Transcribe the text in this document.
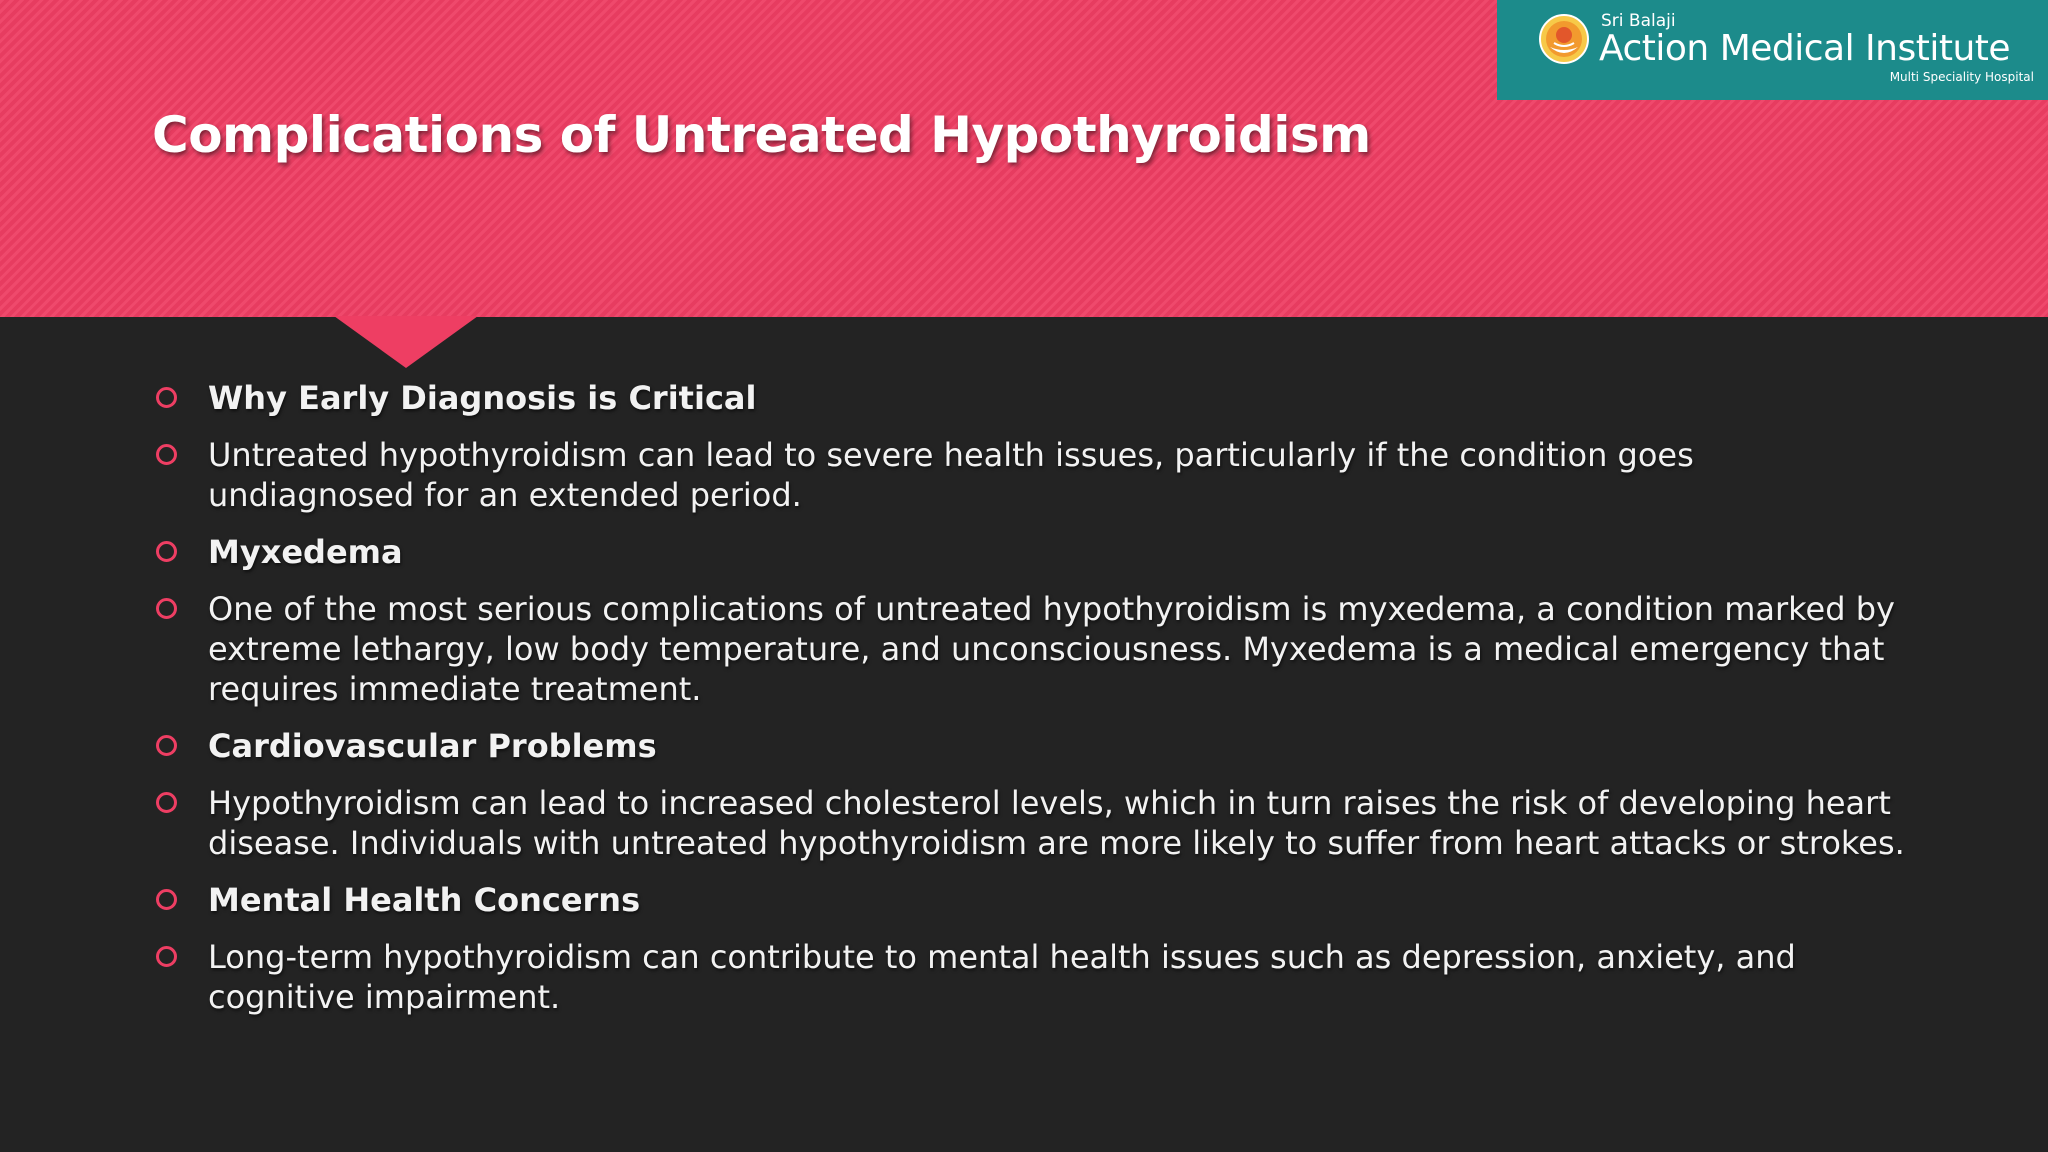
Complications of Untreated Hypothyroidism
Sri Balaji
Action Medical Institute
Multi Speciality Hospital
Why Early Diagnosis is Critical
Untreated hypothyroidism can lead to severe health issues, particularly if the condition goes undiagnosed for an extended period.
Myxedema
One of the most serious complications of untreated hypothyroidism is myxedema, a condition marked by extreme lethargy, low body temperature, and unconsciousness. Myxedema is a medical emergency that requires immediate treatment.
Cardiovascular Problems
Hypothyroidism can lead to increased cholesterol levels, which in turn raises the risk of developing heart disease. Individuals with untreated hypothyroidism are more likely to suffer from heart attacks or strokes.
Mental Health Concerns
Long-term hypothyroidism can contribute to mental health issues such as depression, anxiety, and cognitive impairment.
